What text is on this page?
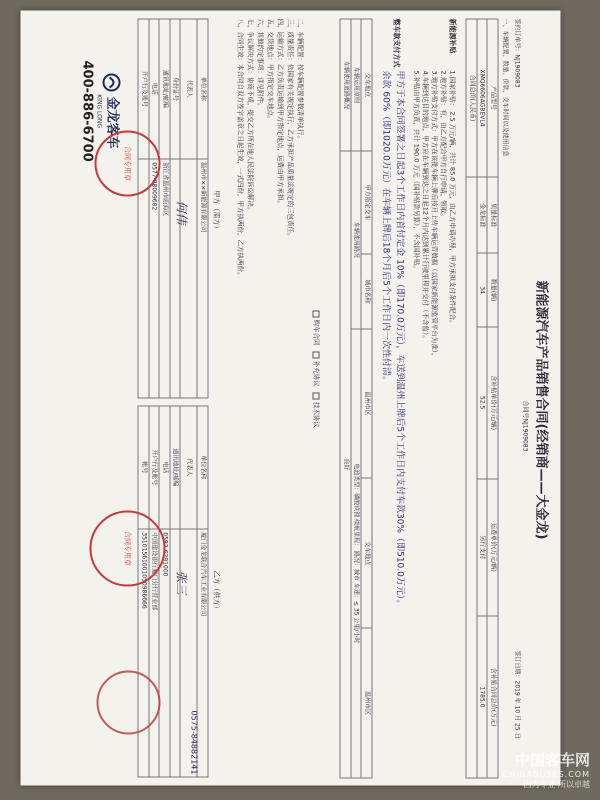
新能源汽车产品销售合同(经销商——大金龙)
合同号NJ1909083
签约订单号：NJ1909083
签订日期：2019 年 10 月 25 日
一、车辆配置、数量、价款、交车时间以及使用信息
产品型号	质量标准	数量(辆)	含补贴单价(万元/辆)	运费单价(万元/辆)	含补贴合同总价(万元)
XMQ6606AGBEVL4	金龙标准	34	52.5	另行支付	1785.0
合同总价(人民币)					
新能源补贴
1.国家补贴： 2.5 万元/辆，共计 85.0 万元，由乙方申请办理，甲方承担支付条件配合。
2.地方补贴：有，由乙方配合甲方自行申请、领取。
3.地方补贴支付方式：甲方在该批车辆上牌后按月上传车辆运营数据（以国家新能源监管平台为准），
4.车辆到达目的地点，甲方应在车辆到达之日起12个月内达到累计行驶里程并交付（不含监）。
5.补贴由甲方负责，共计 190.0 万元（国补贴款另算），不含国补贴。
整车款支付方式
甲方于本合同签署之日起3个工作日内首付定金 10%（即170.0万元），车送到温州上牌后5个工作日内支付车款30%（即510.0万元）。
余款 60%（即1020.0万元）在车辆上牌后18个月后5个工作日内一次性付清。
交车地点	甲方指定交车	城市名称	温州市区	交车地点	温州市区
车辆运用原则	车辆使用路况		电池类型：磷酸铁锂 续航里程： 路况：城市 车速：≤ 35 公里/小时		
车辆使用道路概况	良好				
购车合同   补充协议   技术协议
二、车辆配置：按车辆配置参数清单执行。
三、质量责任：依国家有关规定执行，乙方承担产品质量法规定的三包责任。
四、运输方式：乙方负责运输到甲方指定地点，运费由甲方承担。
五、交货地点：甲方指定交车地点。
六、其他约定事项：详见附件。
七、争议解决方式：协商不成，提交乙方所在地人民法院诉讼解决。
八、合同生效：本合同自双方签字盖章之日起生效，一式四份，甲方执两份，乙方执两份。
甲方（需方）
单位名称	温州市××新能源有限公司
代表人	
身份证号	
通讯地址/邮编	浙江省温州市瓯海区
电话	0577-88009682
开户行及账号	
乙方（供方）
单位名称	厦门金龙联合汽车工业有限公司
代表人	
通讯地址/邮编	
电话	0592-6291000
开户行及账号	中国建设银行厦门分行营业部
帐号	35101561001050986666
0575-84882141
金龙客车
KING LONG
400-886-6700
何伟
张三
合同专用章
合同专用章
中国客车网
CHINABUSES.COM
因为专业 所以卓越
